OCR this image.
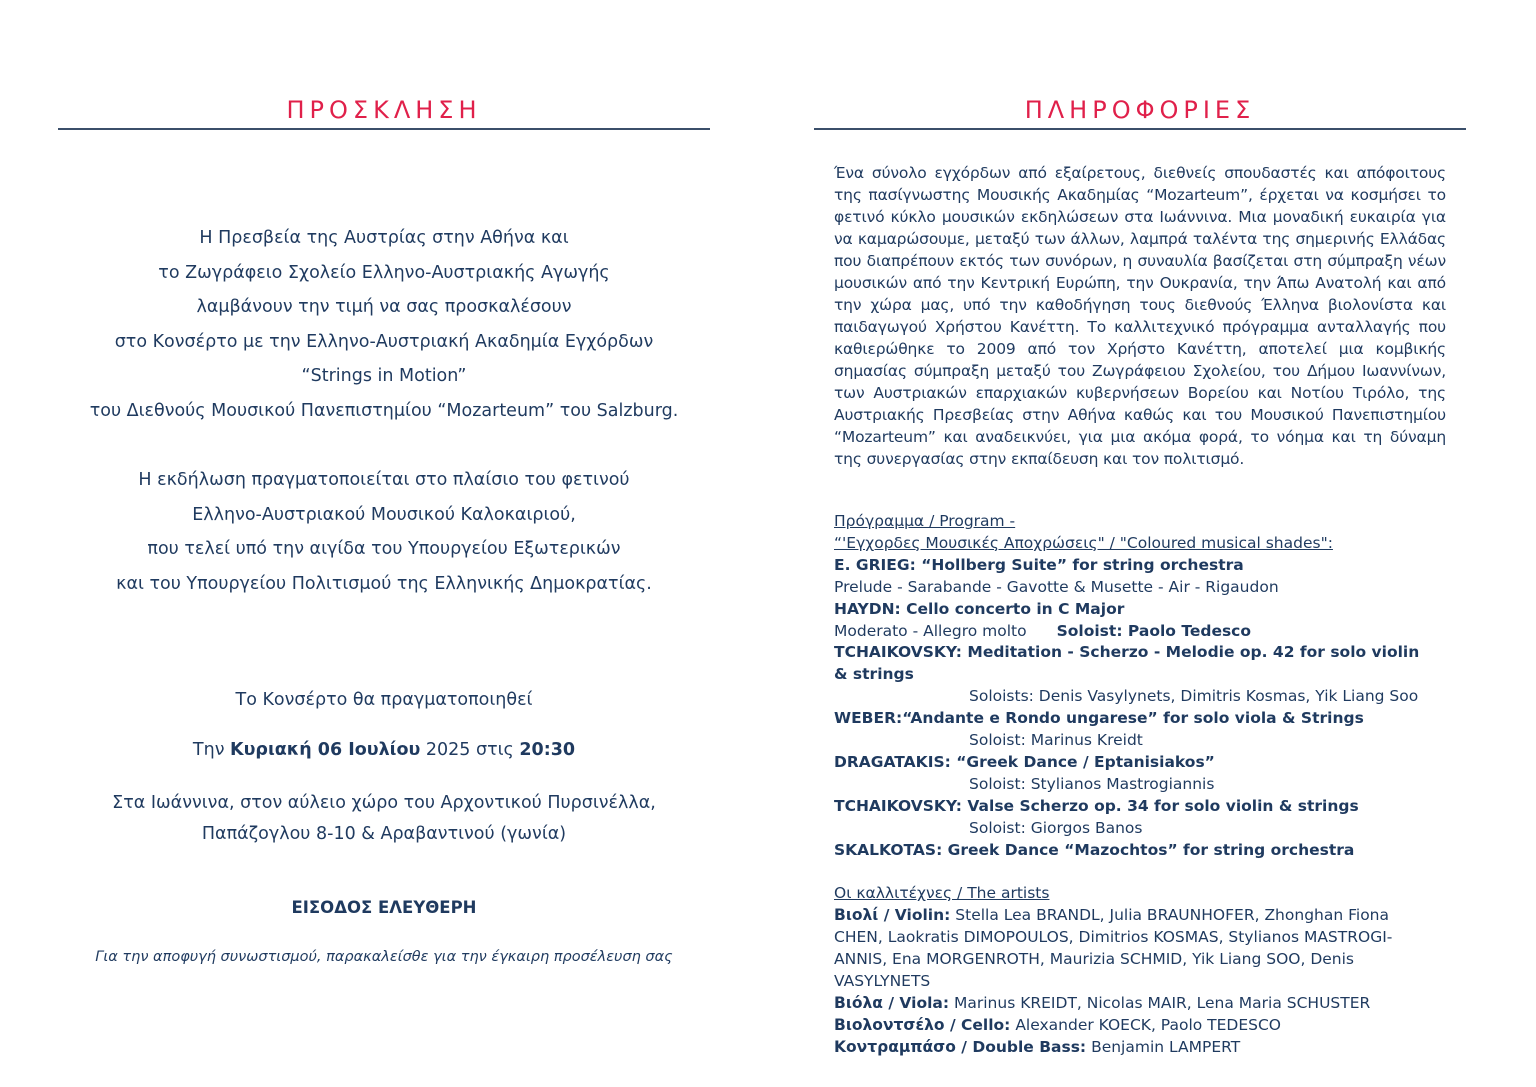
ΠΡΟΣΚΛΗΣΗ
Η Πρεσβεία της Αυστρίας στην Αθήνα και
το Ζωγράφειο Σχολείο Ελληνο-Αυστριακής Αγωγής
λαμβάνουν την τιμή να σας προσκαλέσουν
στο Κονσέρτο με την Ελληνο-Αυστριακή Ακαδημία Εγχόρδων
“Strings in Motion”
του Διεθνούς Μουσικού Πανεπιστημίου “Mozarteum” του Salzburg.
Η εκδήλωση πραγματοποιείται στο πλαίσιο του φετινού
Ελληνο-Αυστριακού Μουσικού Καλοκαιριού,
που τελεί υπό την αιγίδα του Υπουργείου Εξωτερικών
και του Υπουργείου Πολιτισμού της Ελληνικής Δημοκρατίας.
Το Κονσέρτο θα πραγματοποιηθεί
Την Κυριακή 06 Ιουλίου 2025 στις 20:30
Στα Ιωάννινα, στον αύλειο χώρο του Αρχοντικού Πυρσινέλλα,
Παπάζογλου 8-10 & Αραβαντινού (γωνία)
ΕΙΣΟΔΟΣ ΕΛΕΥΘΕΡΗ
Για την αποφυγή συνωστισμού, παρακαλείσθε για την έγκαιρη προσέλευση σας
ΠΛΗΡΟΦΟΡΙΕΣ

Ένα σύνολο εγχόρδων από εξαίρετους, διεθνείς σπουδαστές και απόφοιτους της πασίγνωστης Μουσικής Ακαδημίας “Mozarteum”, έρχεται να κοσμήσει το φετινό κύκλο μουσικών εκδηλώσεων στα Ιωάννινα. Μια μοναδική ευκαιρία για να καμαρώσουμε, μεταξύ των άλλων, λαμπρά ταλέντα της σημερινής Ελλάδας που διαπρέπουν εκτός των συνόρων, η συναυλία βασίζεται στη σύμπραξη νέων μουσικών από την Κεντρική Ευρώπη, την Ουκρανία, την Άπω Ανατολή και από την χώρα μας, υπό την καθοδήγηση τους διεθνούς Έλληνα βιολονίστα και παιδαγωγού Χρήστου Κανέττη. Το καλλιτεχνικό πρόγραμμα ανταλλαγής που καθιερώθηκε το 2009 από τον Χρήστο Κανέττη, αποτελεί μια κομβικής σημασίας σύμπραξη μεταξύ του Ζωγράφειου Σχολείου, του Δήμου Ιωαννίνων, των Αυστριακών επαρχιακών κυβερνήσεων Βορείου και Νοτίου Τιρόλο, της Αυστριακής Πρεσβείας στην Αθήνα καθώς και του Μουσικού Πανεπιστημίου “Mozarteum” και αναδεικνύει, για μια ακόμα φορά, το νόημα και τη δύναμη της συνεργασίας στην εκπαίδευση και τον πολιτισμό.

Πρόγραμμα / Program -
“'Εγχορδες Μουσικές Αποχρώσεις" / "Coloured musical shades":
E. GRIEG: “Hollberg Suite” for string orchestra
Prelude - Sarabande - Gavotte & Musette - Air - Rigaudon
HAYDN: Cello concerto in C Major
Moderato - Allegro molto Soloist: Paolo Tedesco
TCHAIKOVSKY: Meditation - Scherzo - Melodie op. 42 for solo violin & strings
Soloists: Denis Vasylynets, Dimitris Kosmas, Yik Liang Soo
WEBER:“Andante e Rondo ungarese” for solo viola & Strings
Soloist: Marinus Kreidt
DRAGATAKIS: “Greek Dance / Eptanisiakos”
Soloist: Stylianos Mastrogiannis
TCHAIKOVSKY: Valse Scherzo op. 34 for solo violin & strings
Soloist: Giorgos Banos
SKALKOTAS: Greek Dance “Mazochtos” for string orchestra
Οι καλλιτέχνες / The artists
Βιολί / Violin: Stella Lea BRANDL, Julia BRAUNHOFER, Zhonghan Fiona CHEN, Laokratis DIMOPOULOS, Dimitrios KOSMAS, Stylianos MASTROGI-ANNIS, Ena MORGENROTH, Maurizia SCHMID, Yik Liang SOO, Denis VASYLYNETS
Βιόλα / Viola: Marinus KREIDT, Nicolas MAIR, Lena Maria SCHUSTER
Βιολοντσέλο / Cello: Alexander KOECK, Paolo TEDESCO
Κοντραμπάσο / Double Bass: Benjamin LAMPERT
